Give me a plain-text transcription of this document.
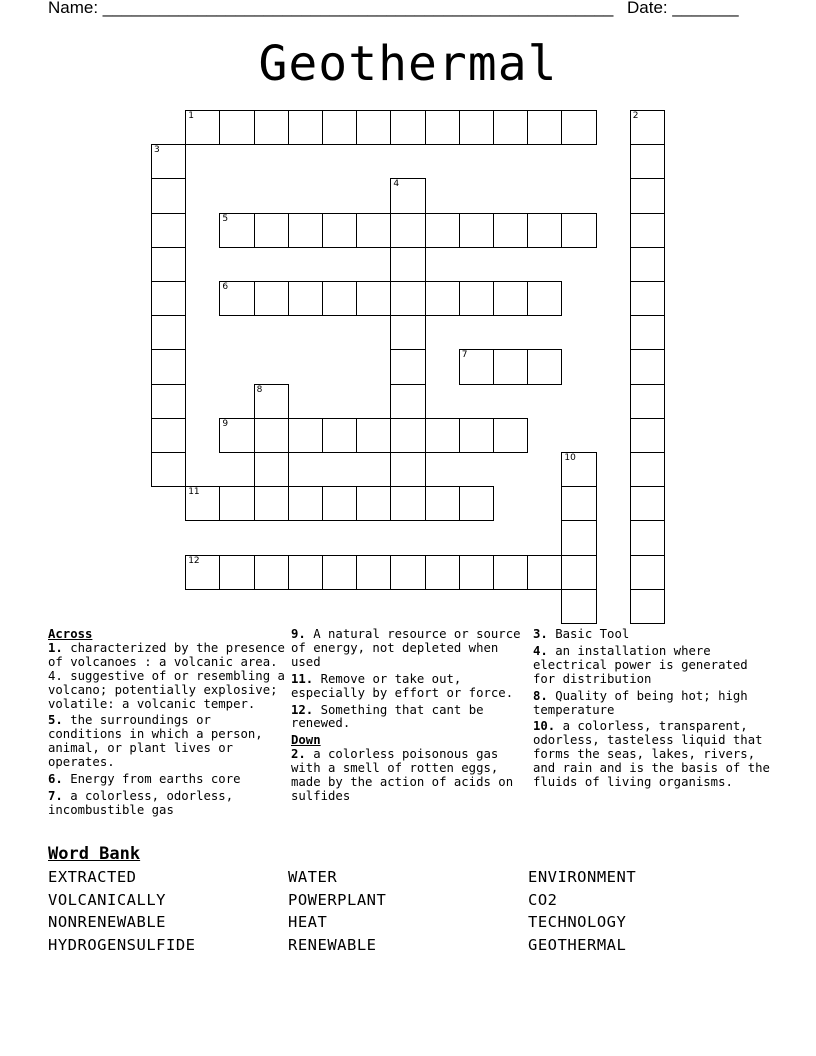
Name: ______________________________________________________ Date: _______
Geothermal
1	2
3
4
5
6
7
8
9
10
11
12
Across
1. characterized by the presence of volcanoes : a volcanic area. 4. suggestive of or resembling a volcano; potentially explosive; volatile: a volcanic temper.
5. the surroundings or conditions in which a person, animal, or plant lives or operates.
6. Energy from earths core
7. a colorless, odorless, incombustible gas
9. A natural resource or source of energy, not depleted when used
11. Remove or take out, especially by effort or force.
12. Something that cant be renewed.
Down
2. a colorless poisonous gas with a smell of rotten eggs, made by the action of acids on sulfides
3. Basic Tool
4. an installation where electrical power is generated for distribution
8. Quality of being hot; high temperature
10. a colorless, transparent, odorless, tasteless liquid that forms the seas, lakes, rivers, and rain and is the basis of the fluids of living organisms.
Word Bank
EXTRACTED	WATER	ENVIRONMENT
VOLCANICALLY	POWERPLANT	CO2
NONRENEWABLE	HEAT	TECHNOLOGY
HYDROGENSULFIDE	RENEWABLE	GEOTHERMAL
